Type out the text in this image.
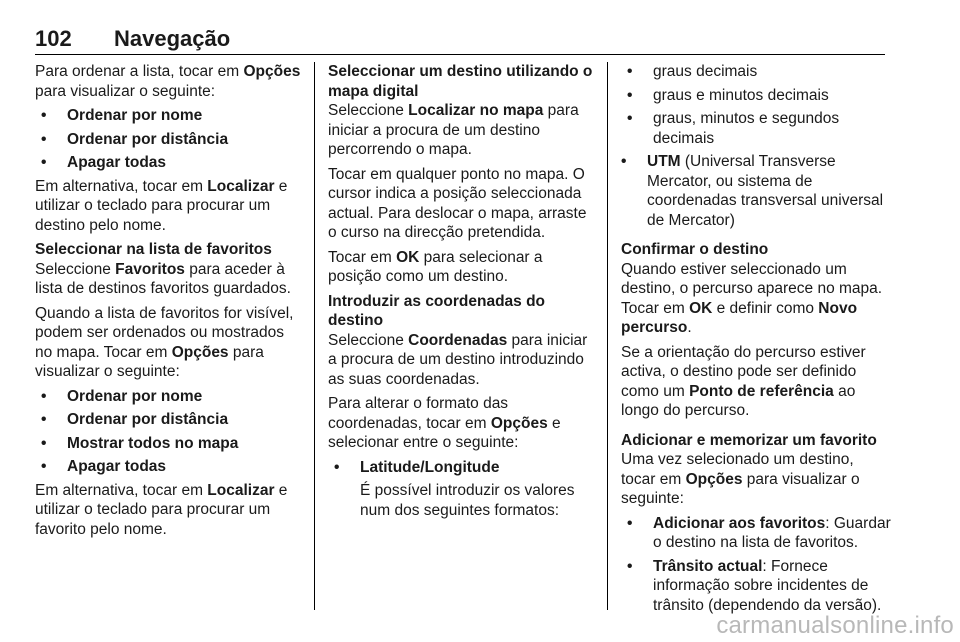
102 Navegação

Para ordenar a lista, tocar em Opções para visualizar o seguinte:

• Ordenar por nome
• Ordenar por distância
• Apagar todas

Em alternativa, tocar em Localizar e utilizar o teclado para procurar um destino pelo nome.

Seleccionar na lista de favoritos

Seleccione Favoritos para aceder à lista de destinos favoritos guardados.

Quando a lista de favoritos for visível, podem ser ordenados ou mostrados no mapa. Tocar em Opções para visualizar o seguinte:

• Ordenar por nome
• Ordenar por distância
• Mostrar todos no mapa
• Apagar todas

Em alternativa, tocar em Localizar e utilizar o teclado para procurar um favorito pelo nome.

Seleccionar um destino utilizando o mapa digital

Seleccione Localizar no mapa para iniciar a procura de um destino percorrendo o mapa.

Tocar em qualquer ponto no mapa. O cursor indica a posição seleccionada actual. Para deslocar o mapa, arraste o curso na direcção pretendida.

Tocar em OK para selecionar a posição como um destino.

Introduzir as coordenadas do destino

Seleccione Coordenadas para iniciar a procura de um destino introduzindo as suas coordenadas.

Para alterar o formato das coordenadas, tocar em Opções e selecionar entre o seguinte:

• Latitude/Longitude

É possível introduzir os valores num dos seguintes formatos:

• graus decimais
• graus e minutos decimais
• graus, minutos e segundos decimais
• UTM (Universal Transverse Mercator, ou sistema de coordenadas transversal universal de Mercator)

Confirmar o destino

Quando estiver seleccionado um destino, o percurso aparece no mapa. Tocar em OK e definir como Novo percurso.

Se a orientação do percurso estiver activa, o destino pode ser definido como um Ponto de referência ao longo do percurso.

Adicionar e memorizar um favorito

Uma vez selecionado um destino, tocar em Opções para visualizar o seguinte:

• Adicionar aos favoritos: Guardar o destino na lista de favoritos.
• Trânsito actual: Fornece informação sobre incidentes de trânsito (dependendo da versão).
carmanualsonline.info
